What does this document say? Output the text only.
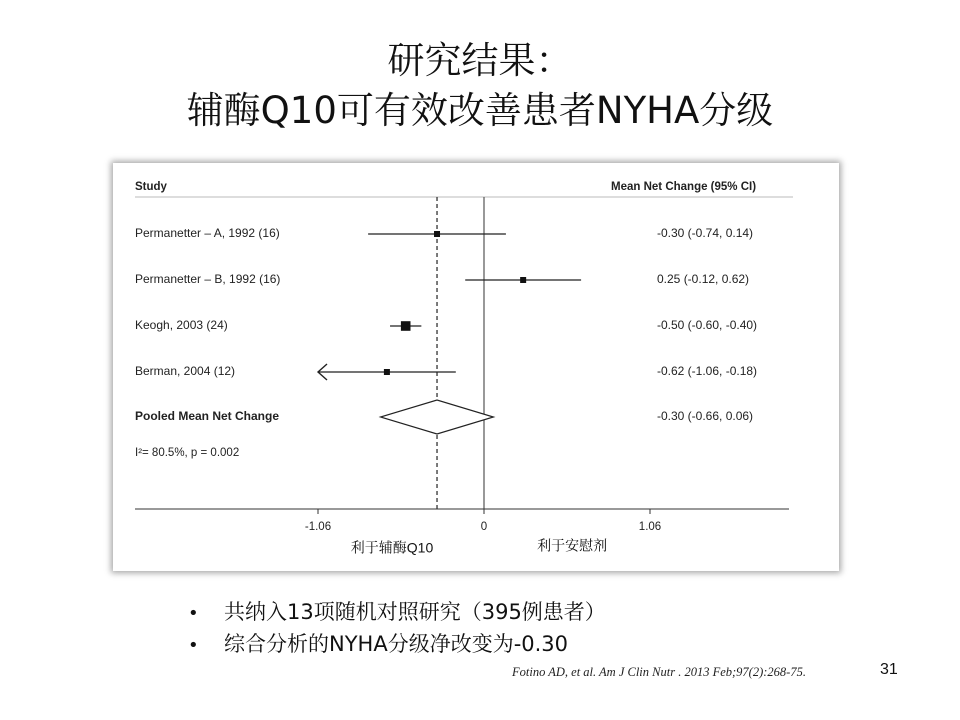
研究结果：
辅酶Q10可有效改善患者NYHA分级
Study	Mean Net Change (95% CI)
Permanetter – A, 1992 (16)	-0.30 (-0.74, 0.14)
Permanetter – B, 1992 (16)	0.25 (-0.12, 0.62)
Keogh, 2003 (24)	-0.50 (-0.60, -0.40)
Berman, 2004 (12)	-0.62 (-1.06, -0.18)
Pooled Mean Net Change	-0.30 (-0.66, 0.06)
I²= 80.5%, p = 0.002
-1.06	0	1.06
利于辅酶Q10	利于安慰剂
• 共纳入13项随机对照研究（395例患者）
• 综合分析的NYHA分级净改变为-0.30
Fotino AD, et al. Am J Clin Nutr . 2013 Feb;97(2):268-75.	31
